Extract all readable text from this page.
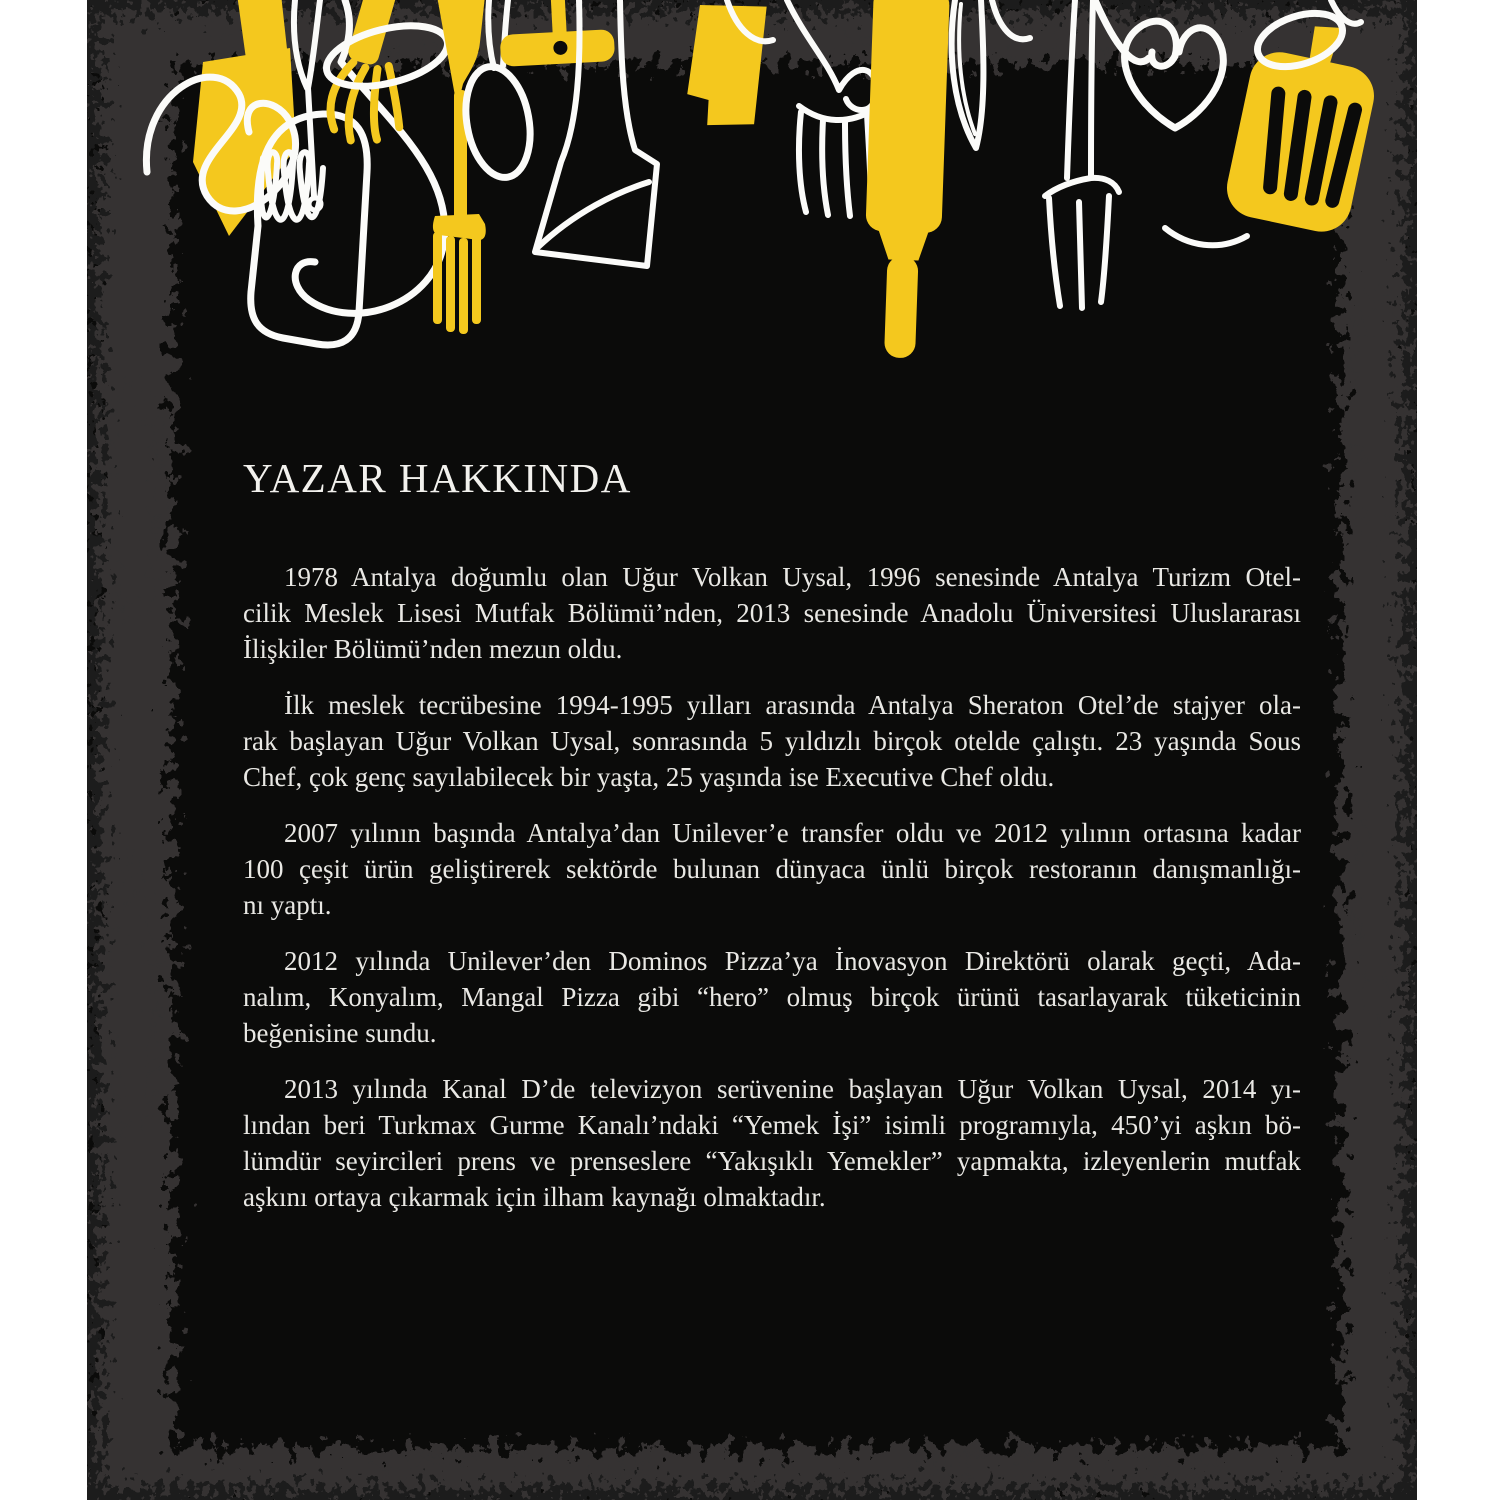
YAZAR HAKKINDA
1978 Antalya doğumlu olan Uğur Volkan Uysal, 1996 senesinde Antalya Turizm Otel-
cilik Meslek Lisesi Mutfak Bölümü’nden, 2013 senesinde Anadolu Üniversitesi Uluslararası
İlişkiler Bölümü’nden mezun oldu.
İlk meslek tecrübesine 1994-1995 yılları arasında Antalya Sheraton Otel’de stajyer ola-
rak başlayan Uğur Volkan Uysal, sonrasında 5 yıldızlı birçok otelde çalıştı. 23 yaşında Sous
Chef, çok genç sayılabilecek bir yaşta, 25 yaşında ise Executive Chef oldu.
2007 yılının başında Antalya’dan Unilever’e transfer oldu ve 2012 yılının ortasına kadar
100 çeşit ürün geliştirerek sektörde bulunan dünyaca ünlü birçok restoranın danışmanlığı-
nı yaptı.
2012 yılında Unilever’den Dominos Pizza’ya İnovasyon Direktörü olarak geçti, Ada-
nalım, Konyalım, Mangal Pizza gibi “hero” olmuş birçok ürünü tasarlayarak tüketicinin
beğenisine sundu.
2013 yılında Kanal D’de televizyon serüvenine başlayan Uğur Volkan Uysal, 2014 yı-
lından beri Turkmax Gurme Kanalı’ndaki “Yemek İşi” isimli programıyla, 450’yi aşkın bö-
lümdür seyircileri prens ve prenseslere “Yakışıklı Yemekler” yapmakta, izleyenlerin mutfak
aşkını ortaya çıkarmak için ilham kaynağı olmaktadır.
